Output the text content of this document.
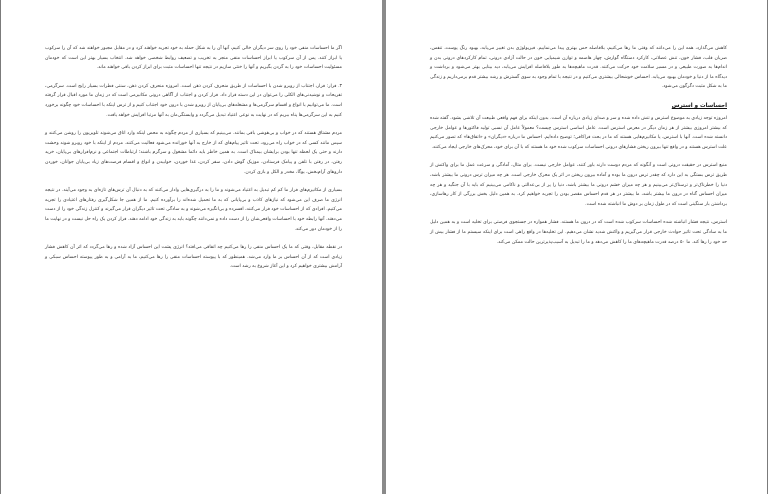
اگر ما احساسات منفی خود را روی سر دیگران خالی کنیم، آنها آن را به شکل حمله به خود تجربه خواهند کرد و در مقابل مجبور خواهند شد که آن را سرکوب یا ابراز کنند. پس از آن سرکوب یا ابراز احساسات منفی منجر به تخریب و تضعیف روابط شخصی خواهد شد. انتخاب بسیار بهتر این است که خودمان مسئولیت احساسات خود را به گردن بگیریم و آنها را خنثی سازیم در نتیجه تنها احساسات مثبت برای ابراز کردن باقی خواهند ماند.

۳. فرار: فرار، اجتناب از روبرو شدن با احساسات از طریق منحرف کردن ذهن است. امروزه منحرف کردن ذهن، سنتی فطرات بسیار رایج است. سرگرمی، تفریحات و نوشیدنی‌های الکلی را می‌توان در این دسته قرار داد. فرار کردن و اجتناب از آگاهی درونی مکانیزمی است که در زمان ما مورد اقبال قرار گرفته است. ما می‌توانیم با انواع و اقسام سرگرمی‌ها و مشغله‌های بی‌پایان از روبرو شدن با درون خود اجتناب کنیم و از ترس اینکه با احساسات خود چگونه برخورد کنیم به این سرگرمی‌ها پناه ببریم که در نهایت به نوعی اعتیاد تبدیل می‌گردد و وابستگی‌مان به آنها مرتبا افزایش خواهد یافت.

مردم مشتاق هستند که در خواب و بی‌هوشی باقی بمانند. می‌بینیم که بسیاری از مردم چگونه به محض اینکه وارد اتاق می‌شوند تلویزیون را روشن می‌کنند و سپس مانند کسی که در خواب راه می‌رود، تحت تاثیر پیام‌های که از خارج به آنها خورانده می‌شود فعالیت می‌کنند. مردم از اینکه با خود روبرو شوند وحشت دارند و حتی یک لحظه تنها بودن برایشان بیمناک است. به همین خاطر باید دائما مشغول و سرگرم باشند؛ ارتباطات اجتماعی و نرم‌افزارهای بی‌پایان، خرید رفتن، در رفتن با تلفن و پیامک فرستادن، موزیک گوش دادن، سفر کردن، غذا خوردن، خوابیدن و انواع و اقسام فرصت‌های زیاد بی‌پایان جوانان، خوردن داروهای آرام‌بخش، یوگا، مخدر و الکل و بازی کردن.

بسیاری از مکانیزم‌های فرار ما کم کم تبدیل به اعتیاد می‌شوند و ما را به درگیری‌هایی وادار می‌کنند که به دنبال آن ترس‌های تازه‌ای به وجود می‌آیند. در نتیجه انرژی ما صرف این می‌شود که نیازهای کاذب و بی‌پایانی که به ما تحمیل شده‌اند را برآورده کنیم. ما از همین جا شکل‌گیری رفتارهای اعتیادی را تجربه می‌کنیم. افرادی که از احساسات خود فرار می‌کنند، افسرده و بی‌انگیزه می‌شوند و به سادگی تحت تاثیر دیگران قرار می‌گیرند و کنترل زندگی خود را از دست می‌دهند. آنها رابطه خود با احساسات واقعی‌شان را از دست داده و نمی‌دانند چگونه باید به زندگی خود ادامه دهند. فرار کردن یک راه حل نیست و در نهایت ما را از خودمان دور می‌کند.

در نقطه مقابل، وقتی که ما یک احساس منفی را رها می‌کنیم چه اتفاقی می‌افتد؟ انرژی پشت این احساس آزاد شده و رها می‌گردد که اثر آن کاهش فشار زیادی است که از آن احساس بر ما وارد می‌شد. همینطور که با پیوسته احساسات منفی را رها می‌کنیم، ما به آرامی و به طور پیوسته احساس سبکی و آرامش بیشتری خواهیم کرد و این آغاز شروع به رشد است.

کاهش می‌گذارد، همه این را می‌دانند که وقتی ما رها می‌کنیم، بلافاصله حس بهتری پیدا می‌نماییم. فیزیولوژی بدن تغییر می‌یابد، بهبود رنگ پوست، تنفس، ضربان قلب، فشار خون، تنش عضلانی، کارکرد دستگاه گوارش، چهار هاضمه و توازن شیمیایی خون در حالت آزادی درونی، تمام کارکردهای درونی بدن و اندام‌ها به صورت طبیعی و در مسیر سلامت خود حرکت می‌کنند. قدرت ماهیچه‌ها به طور بلافاصله افزایش می‌یابد، دید بینایی بهتر می‌شود و برداشت و دیدگاه ما از دنیا و خودمان بهبود می‌یابد. احساس خوشحالی بیشتری می‌کنیم و در نتیجه با تمام وجود به سوی گسترش و رشد بیشتر قدم برمی‌داریم و زندگی ما به شکل مثبت دگرگون می‌شود.

احساسات و استرس

امروزه توجه زیادی به موضوع استرس و تنش داده شده و سر و صدای زیادی درباره آن است. بدون اینکه برای فهم واقعی طبیعت آن تلاشی بشود. گفته شده که بیشتر امروزی بیشتر از هر زمان دیگر در معرض استرس است. عامل اساسی استرس چیست؟ معمولاً عامل آن نسبی تولید فاکتورها و عوامل خارجی دانسته شده است. آنها با استرس، یا مکانیزم‌هایی هستند که ما در بحث فراکافی؛ توضیح داده‌ایم. احساس ما درباره «دیگران» و «اتفاق‌ها» که تصور می‌کنیم علت استرس هستند و در واقع تنها بیرون ریختن فشارهای درونی احساسات سرکوب شده خود ما هستند که با آن برای خود، محرک‌های خارجی ایجاد می‌کنند.

منبع استرس در حقیقت درونی است و آنگونه که مردم دوست دارند باور کنند، عوامل خارجی نیست. برای مثال، آمادگی و سرعت عمل ما برای واکنش از طریق ترس بستگی به این دارد که چقدر ترس درون ما بوده و آماده بیرون ریختن در اثر یک محرک خارجی است. هر چه میزان ترس درونی ما بیشتر باشد، دنیا را خطرناک‌تر و ترسناک‌تر می‌بینیم و هر چه میزان خشم درونی ما بیشتر باشد، دنیا را پر از بی‌عدالتی و ناکامی می‌بینیم که باید با آن جنگید و هر چه میزان احساس گناه در درون ما بیشتر باشد، ما بیشتر در هر قدم احساس مقصر بودن را تجربه خواهیم کرد. به همین دلیل بخش بزرگی از کار رهاسازی، برداشتن بار سنگینی است که در طول زمان بر دوش ما انباشته شده است.

استرس، نتیجه فشار انباشته شده احساسات سرکوب شده است که در درون ما هستند. فشار همواره در جستجوی فرصتی برای تخلیه است و به همین دلیل ما به سادگی تحت تاثیر حوادث خارجی قرار می‌گیریم و واکنش شدید نشان می‌دهیم. این تخلیه‌ها در واقع راهی است برای اینکه سیستم ما از فشار بیش از حد خود را رها کند. ما ۵۰ درصد قدرت ماهیچه‌های ما را کاهش می‌دهد و ما را تبدیل به آسیب‌پذیرترین حالت ممکن می‌کند.
